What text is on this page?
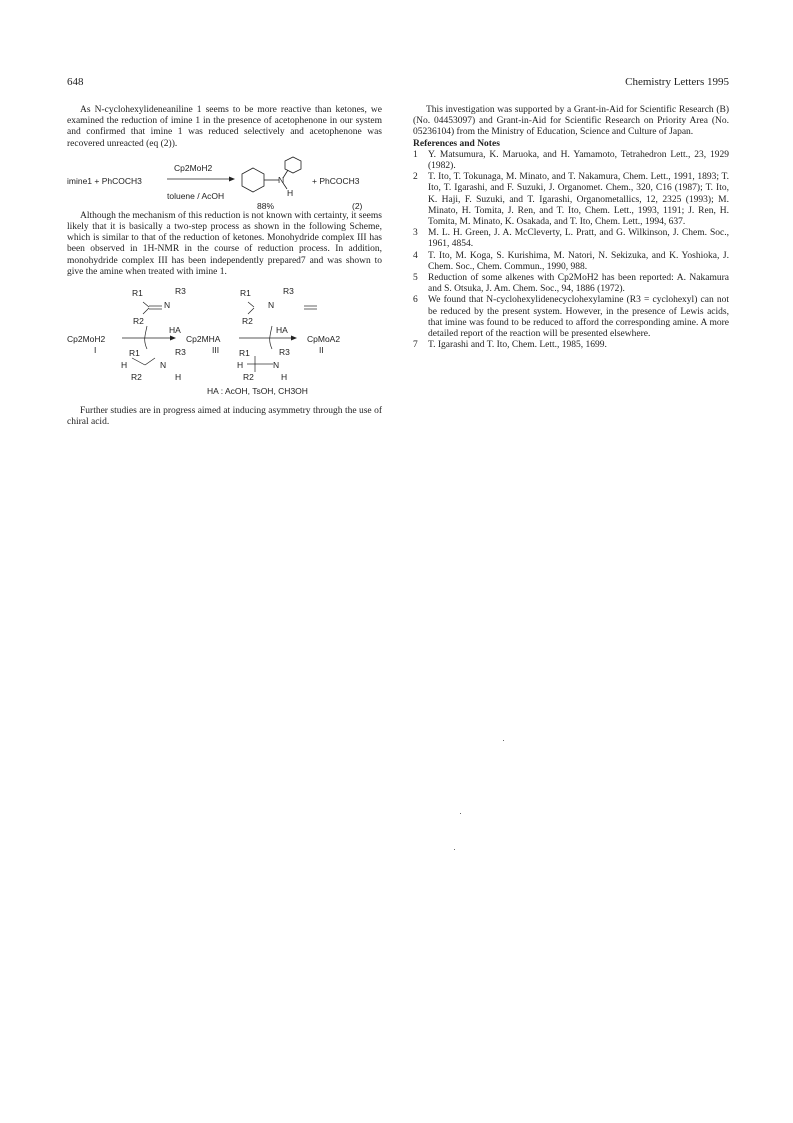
648	Chemistry Letters 1995

As N-cyclohexylideneaniline 1 seems to be more reactive than ketones, we examined the reduction of imine 1 in the presence of acetophenone in our system and confirmed that imine 1 was reduced selectively and acetophenone was recovered unreacted (eq (2)).

imine1 + PhCOCH3
Cp2MoH2
N
H
+ PhCOCH3
toluene / AcOH
88%	(2)

Although the mechanism of this reduction is not known with certainty, it seems likely that it is basically a two-step process as shown in the following Scheme, which is similar to that of the reduction of ketones. Monohydride complex III has been observed in 1H-NMR in the course of reduction process. In addition, monohydride complex III has been independently prepared7 and was shown to give the amine when treated with imine 1.

R1	R3
N
R2
HA
Cp2MoH2
I	R1
H
R2
R3
N
H
Cp2MHA
III
R1	R3
N
R2
HA
CpMoA2
II
R1
H
R2
R3
N
H
HA : AcOH, TsOH, CH3OH

Further studies are in progress aimed at inducing asymmetry through the use of chiral acid.

This investigation was supported by a Grant-in-Aid for Scientific Research (B) (No. 04453097) and Grant-in-Aid for Scientific Research on Priority Area (No. 05236104) from the Ministry of Education, Science and Culture of Japan.

References and Notes

1 Y. Matsumura, K. Maruoka, and H. Yamamoto, Tetrahedron Lett., 23, 1929 (1982).
2 T. Ito, T. Tokunaga, M. Minato, and T. Nakamura, Chem. Lett., 1991, 1893; T. Ito, T. Igarashi, and F. Suzuki, J. Organomet. Chem., 320, C16 (1987); T. Ito, K. Haji, F. Suzuki, and T. Igarashi, Organometallics, 12, 2325 (1993); M. Minato, H. Tomita, J. Ren, and T. Ito, Chem. Lett., 1993, 1191; J. Ren, H. Tomita, M. Minato, K. Osakada, and T. Ito, Chem. Lett., 1994, 637.
3 M. L. H. Green, J. A. McCleverty, L. Pratt, and G. Wilkinson, J. Chem. Soc., 1961, 4854.
4 T. Ito, M. Koga, S. Kurishima, M. Natori, N. Sekizuka, and K. Yoshioka, J. Chem. Soc., Chem. Commun., 1990, 988.
5 Reduction of some alkenes with Cp2MoH2 has been reported: A. Nakamura and S. Otsuka, J. Am. Chem. Soc., 94, 1886 (1972).
6 We found that N-cyclohexylidenecyclohexylamine (R3 = cyclohexyl) can not be reduced by the present system. However, in the presence of Lewis acids, that imine was found to be reduced to afford the corresponding amine. A more detailed report of the reaction will be presented elsewhere.
7 T. Igarashi and T. Ito, Chem. Lett., 1985, 1699.
